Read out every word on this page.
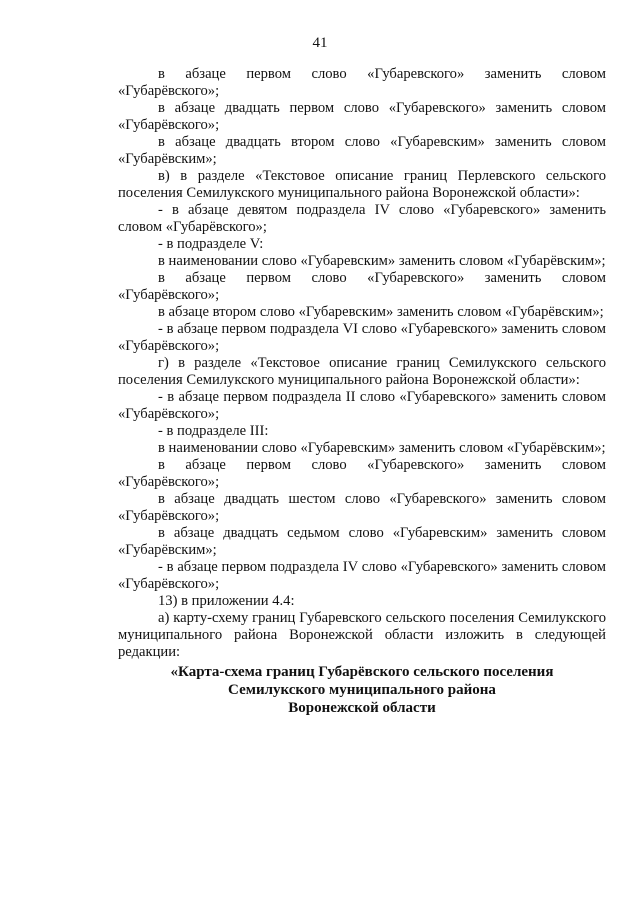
41

в абзаце первом слово «Губаревского» заменить словом «Губарёвского»;

в абзаце двадцать первом слово «Губаревского» заменить словом «Губарёвского»;

в абзаце двадцать втором слово «Губаревским» заменить словом «Губарёвским»;

в) в разделе «Текстовое описание границ Перлевского сельского поселения Семилукского муниципального района Воронежской области»:

- в абзаце девятом подраздела IV слово «Губаревского» заменить словом «Губарёвского»;

- в подразделе V:

в наименовании слово «Губаревским» заменить словом «Губарёвским»;

в абзаце первом слово «Губаревского» заменить словом «Губарёвского»;

в абзаце втором слово «Губаревским» заменить словом «Губарёвским»;

- в абзаце первом подраздела VI слово «Губаревского» заменить словом «Губарёвского»;

г) в разделе «Текстовое описание границ Семилукского сельского поселения Семилукского муниципального района Воронежской области»:

- в абзаце первом подраздела II слово «Губаревского» заменить словом «Губарёвского»;

- в подразделе III:

в наименовании слово «Губаревским» заменить словом «Губарёвским»;

в абзаце первом слово «Губаревского» заменить словом «Губарёвского»;

в абзаце двадцать шестом слово «Губаревского» заменить словом «Губарёвского»;

в абзаце двадцать седьмом слово «Губаревским» заменить словом «Губарёвским»;

- в абзаце первом подраздела IV слово «Губаревского» заменить словом «Губарёвского»;

13) в приложении 4.4:

а) карту-схему границ Губаревского сельского поселения Семилукского муниципального района Воронежской области изложить в следующей редакции:

«Карта-схема границ Губарёвского сельского поселения
Семилукского муниципального района
Воронежской области
